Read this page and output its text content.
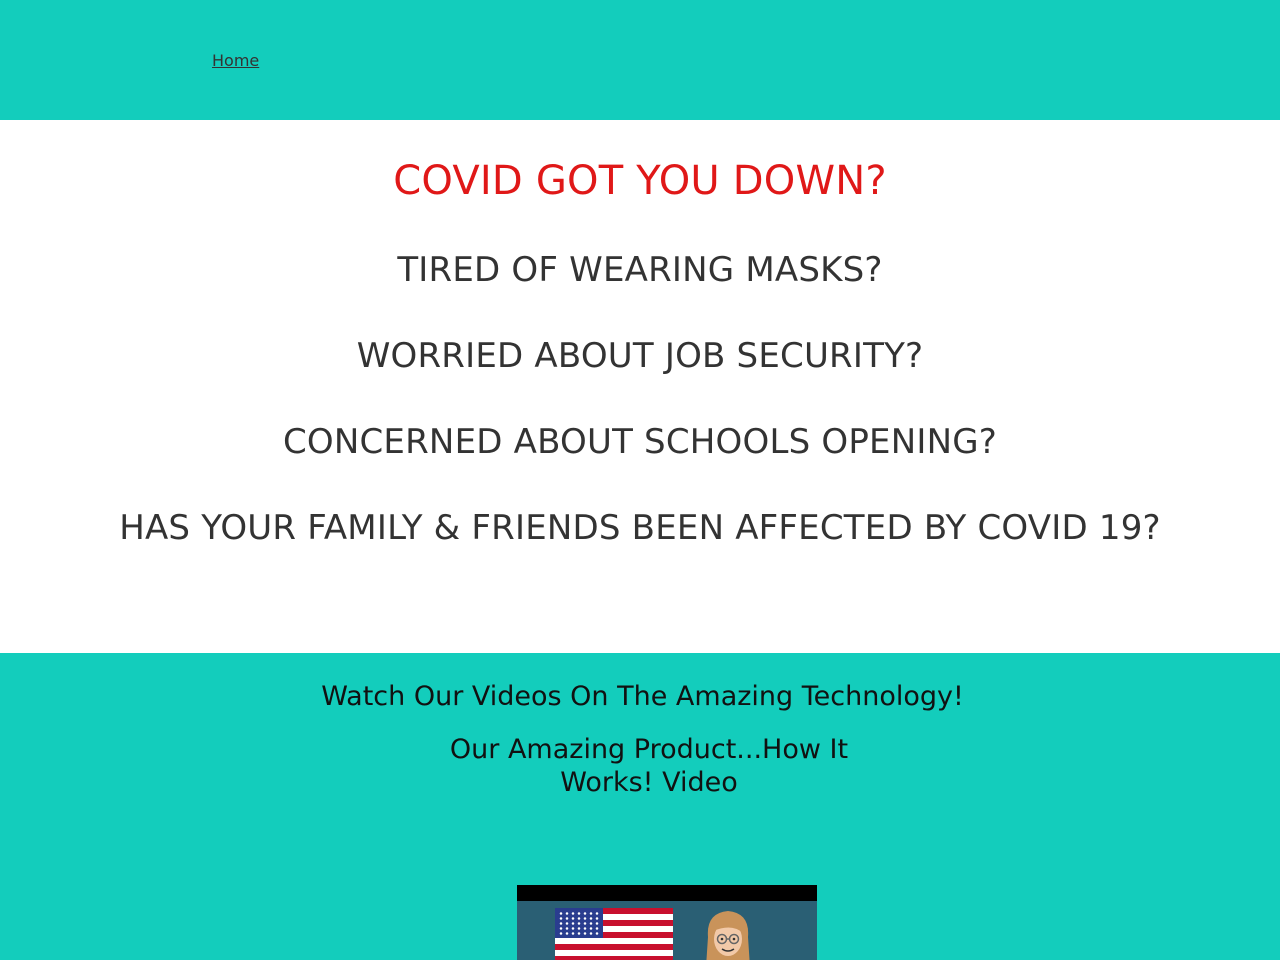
Home
COVID GOT YOU DOWN?
TIRED OF WEARING MASKS?
WORRIED ABOUT JOB SECURITY?
CONCERNED ABOUT SCHOOLS OPENING?
HAS YOUR FAMILY & FRIENDS BEEN AFFECTED BY COVID 19?
Watch Our Videos On The Amazing Technology!
Our Amazing Product...How It Works! Video
